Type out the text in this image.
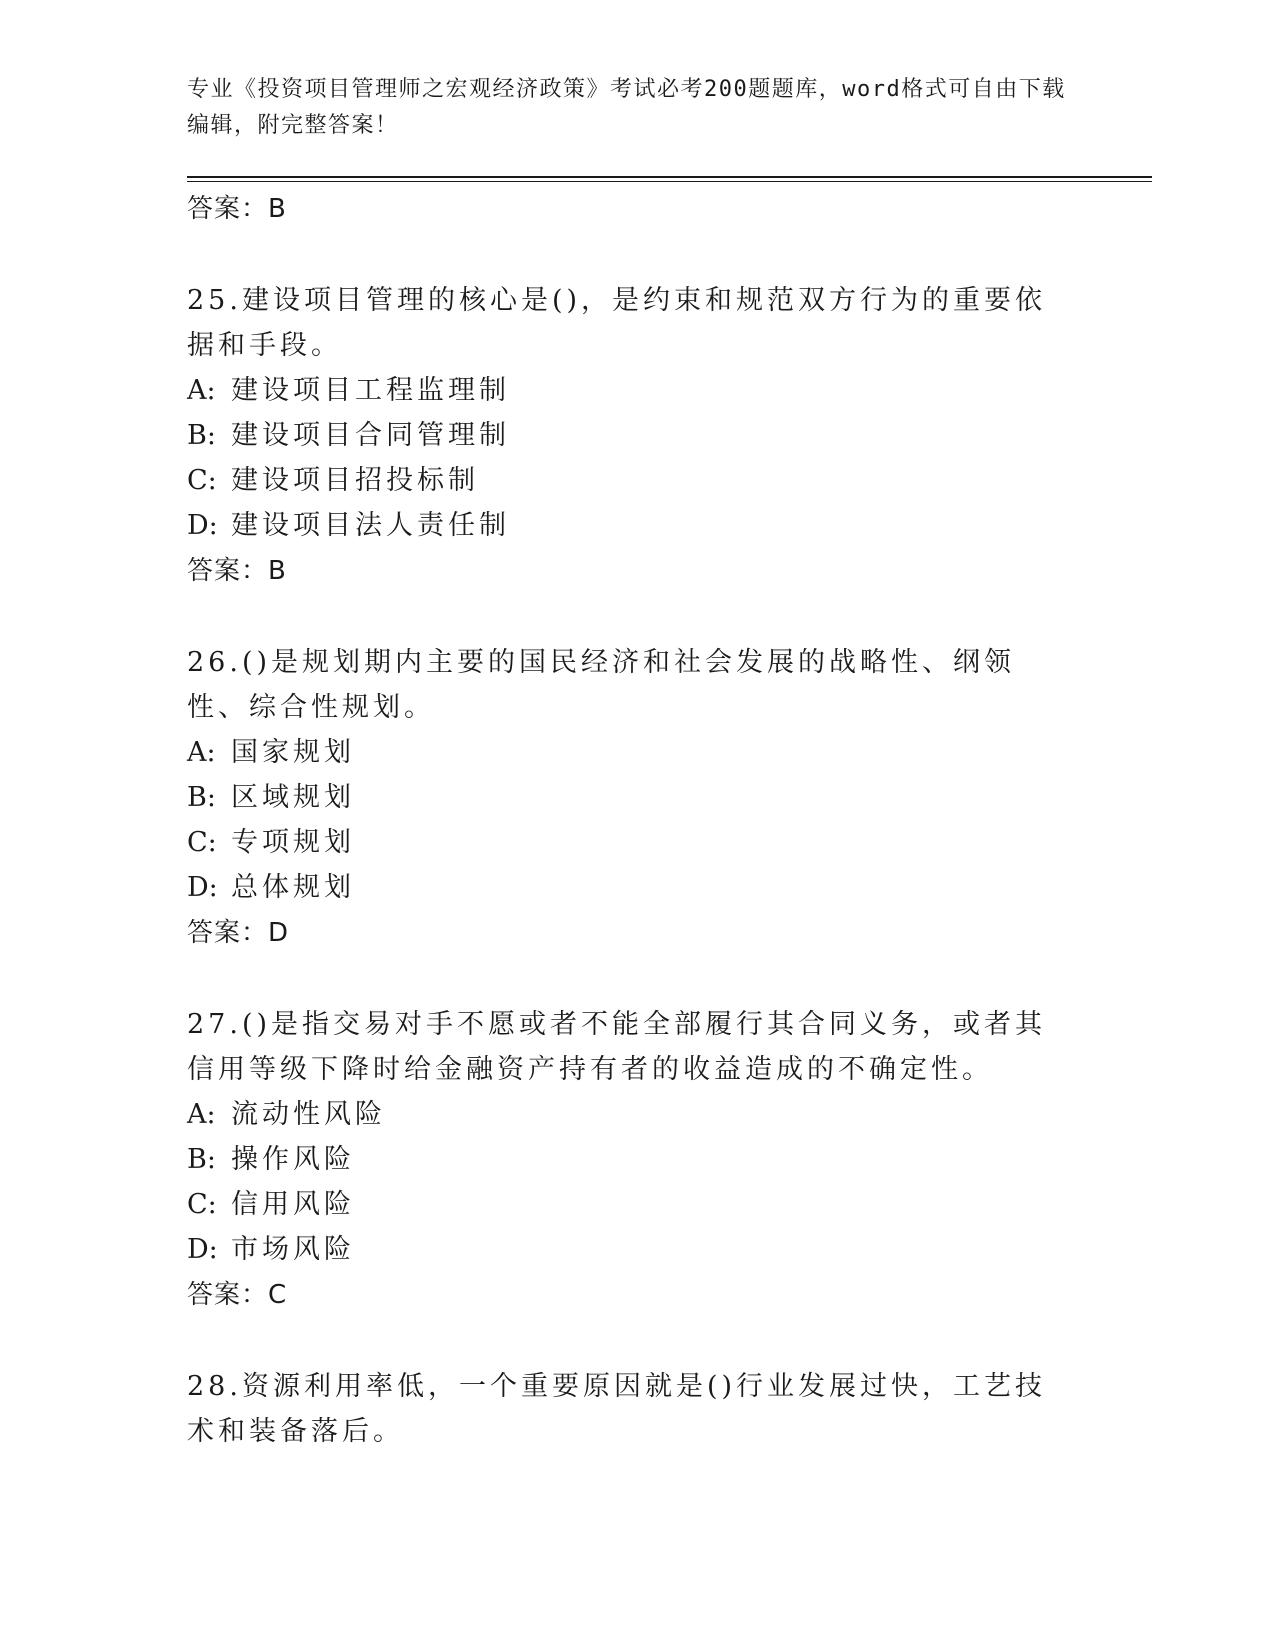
专业《投资项目管理师之宏观经济政策》考试必考200题题库，word格式可自由下载编辑，附完整答案！
答案：B
25.建设项目管理的核心是()，是约束和规范双方行为的重要依据和手段。
A: 建设项目工程监理制
B: 建设项目合同管理制
C: 建设项目招投标制
D: 建设项目法人责任制
答案：B
26.()是规划期内主要的国民经济和社会发展的战略性、纲领性、综合性规划。
A: 国家规划
B: 区域规划
C: 专项规划
D: 总体规划
答案：D
27.()是指交易对手不愿或者不能全部履行其合同义务，或者其信用等级下降时给金融资产持有者的收益造成的不确定性。
A: 流动性风险
B: 操作风险
C: 信用风险
D: 市场风险
答案：C
28.资源利用率低，一个重要原因就是()行业发展过快，工艺技术和装备落后。
